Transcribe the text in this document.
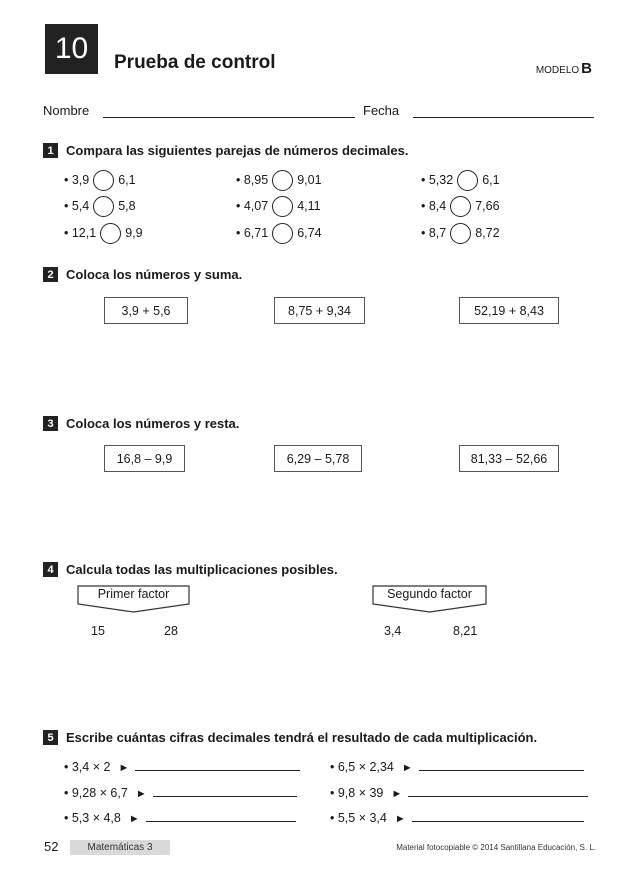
10	Prueba de control	MODELO B
Nombre	Fecha
1 Compara las siguientes parejas de números decimales.
• 3,9 6,1	• 8,95 9,01	• 5,32 6,1
• 5,4 5,8	• 4,07 4,11	• 8,4 7,66
• 12,1 9,9	• 6,71 6,74	• 8,7 8,72
2 Coloca los números y suma.
3,9 + 5,6	8,75 + 9,34	52,19 + 8,43
3 Coloca los números y resta.
16,8 – 9,9	6,29 – 5,78	81,33 – 52,66
4 Calcula todas las multiplicaciones posibles.
Primer factor
15	28
Segundo factor
3,4	8,21
5 Escribe cuántas cifras decimales tendrá el resultado de cada multiplicación.
• 3,4 × 2 ►	• 6,5 × 2,34 ►
• 9,28 × 6,7 ►	• 9,8 × 39 ►
• 5,3 × 4,8 ►	• 5,5 × 3,4 ►
52	Matemáticas 3	Material fotocopiable © 2014 Santillana Educación, S. L.
